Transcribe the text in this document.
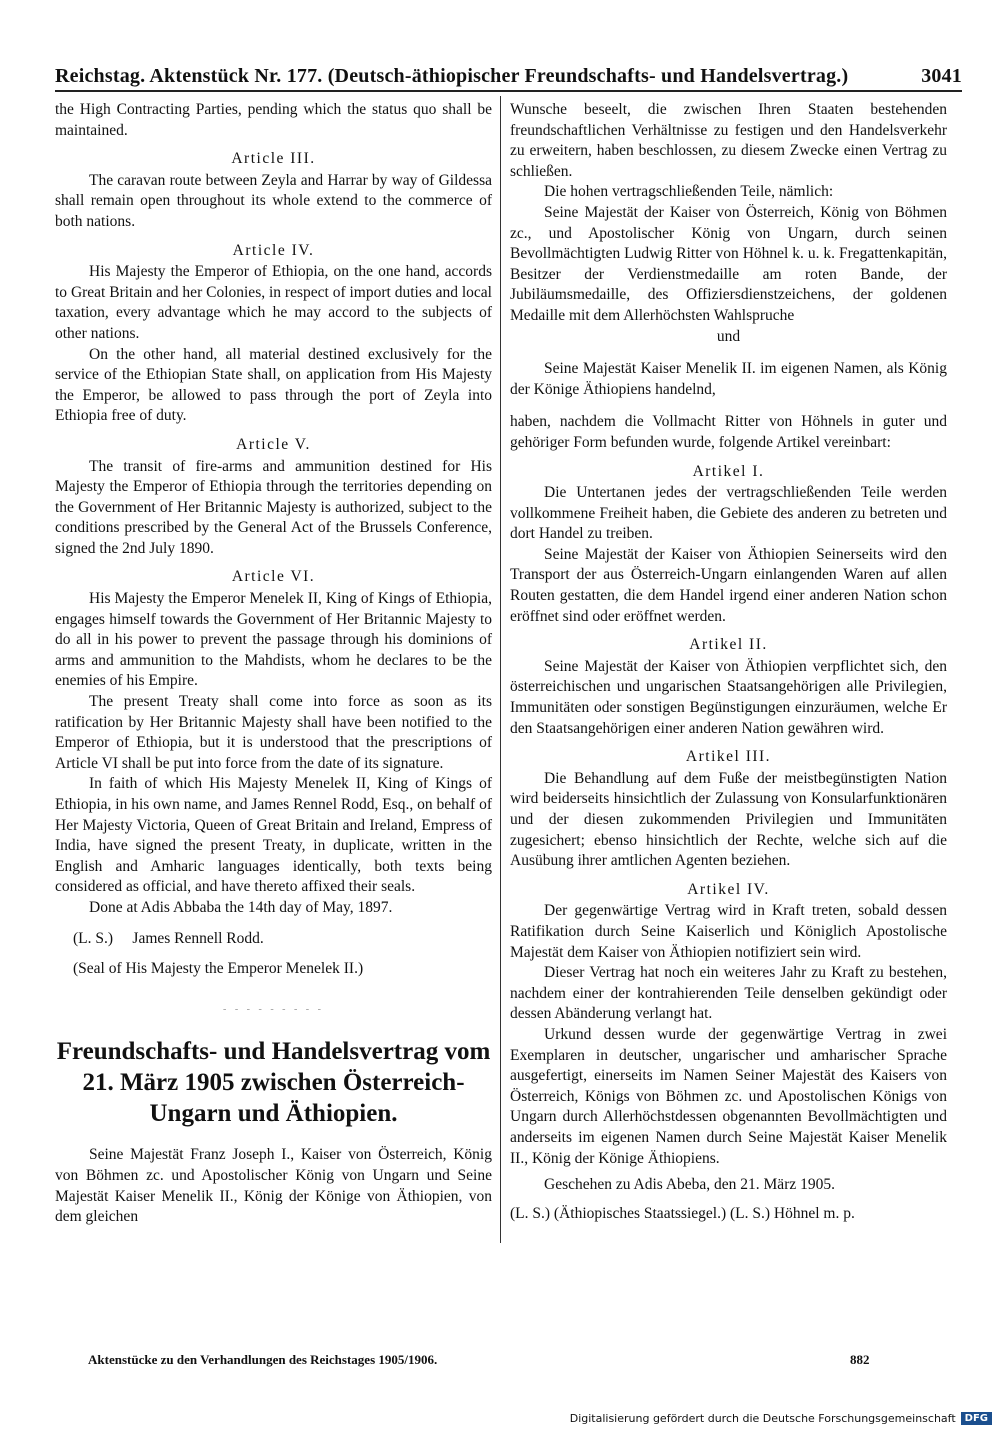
Reichstag. Aktenstück Nr. 177. (Deutsch-äthiopischer Freundschafts- und Handelsvertrag.)	3041

the High Contracting Parties, pending which the status quo shall be maintained.

Article III.

The caravan route between Zeyla and Harrar by way of Gildessa shall remain open throughout its whole extend to the commerce of both nations.

Article IV.

His Majesty the Emperor of Ethiopia, on the one hand, accords to Great Britain and her Colonies, in respect of import duties and local taxation, every advantage which he may accord to the subjects of other nations.

On the other hand, all material destined exclusively for the service of the Ethiopian State shall, on application from His Majesty the Emperor, be allowed to pass through the port of Zeyla into Ethiopia free of duty.

Article V.

The transit of fire-arms and ammunition destined for His Majesty the Emperor of Ethiopia through the territories depending on the Government of Her Britannic Majesty is authorized, subject to the conditions prescribed by the General Act of the Brussels Conference, signed the 2nd July 1890.

Article VI.

His Majesty the Emperor Menelek II, King of Kings of Ethiopia, engages himself towards the Government of Her Britannic Majesty to do all in his power to prevent the passage through his dominions of arms and ammunition to the Mahdists, whom he declares to be the enemies of his Empire.

The present Treaty shall come into force as soon as its ratification by Her Britannic Majesty shall have been notified to the Emperor of Ethiopia, but it is understood that the prescriptions of Article VI shall be put into force from the date of its signature.

In faith of which His Majesty Menelek II, King of Kings of Ethiopia, in his own name, and James Rennel Rodd, Esq., on behalf of Her Majesty Victoria, Queen of Great Britain and Ireland, Empress of India, have signed the present Treaty, in duplicate, written in the English and Amharic languages identically, both texts being considered as official, and have thereto affixed their seals.

Done at Adis Abbaba the 14th day of May, 1897.

(L. S.)     James Rennell Rodd.

(Seal of His Majesty the Emperor Menelek II.)

- - - - - - - - -
Freundschafts- und Handelsvertrag vom 21. März 1905 zwischen Österreich-Ungarn und Äthiopien.

Seine Majestät Franz Joseph I., Kaiser von Österreich, König von Böhmen zc. und Apostolischer König von Ungarn und Seine Majestät Kaiser Menelik II., König der Könige von Äthiopien, von dem gleichen

Wunsche beseelt, die zwischen Ihren Staaten bestehenden freundschaftlichen Verhältnisse zu festigen und den Handelsverkehr zu erweitern, haben beschlossen, zu diesem Zwecke einen Vertrag zu schließen.

Die hohen vertragschließenden Teile, nämlich:

Seine Majestät der Kaiser von Österreich, König von Böhmen zc., und Apostolischer König von Ungarn, durch seinen Bevollmächtigten Ludwig Ritter von Höhnel k. u. k. Fregattenkapitän, Besitzer der Verdienstmedaille am roten Bande, der Jubiläumsmedaille, des Offiziersdienstzeichens, der goldenen Medaille mit dem Allerhöchsten Wahlspruche

und

Seine Majestät Kaiser Menelik II. im eigenen Namen, als König der Könige Äthiopiens handelnd,

haben, nachdem die Vollmacht Ritter von Höhnels in guter und gehöriger Form befunden wurde, folgende Artikel vereinbart:

Artikel I.

Die Untertanen jedes der vertragschließenden Teile werden vollkommene Freiheit haben, die Gebiete des anderen zu betreten und dort Handel zu treiben.

Seine Majestät der Kaiser von Äthiopien Seinerseits wird den Transport der aus Österreich-Ungarn einlangenden Waren auf allen Routen gestatten, die dem Handel irgend einer anderen Nation schon eröffnet sind oder eröffnet werden.

Artikel II.

Seine Majestät der Kaiser von Äthiopien verpflichtet sich, den österreichischen und ungarischen Staatsangehörigen alle Privilegien, Immunitäten oder sonstigen Begünstigungen einzuräumen, welche Er den Staatsangehörigen einer anderen Nation gewähren wird.

Artikel III.

Die Behandlung auf dem Fuße der meistbegünstigten Nation wird beiderseits hinsichtlich der Zulassung von Konsularfunktionären und der diesen zukommenden Privilegien und Immunitäten zugesichert; ebenso hinsichtlich der Rechte, welche sich auf die Ausübung ihrer amtlichen Agenten beziehen.

Artikel IV.

Der gegenwärtige Vertrag wird in Kraft treten, sobald dessen Ratifikation durch Seine Kaiserlich und Königlich Apostolische Majestät dem Kaiser von Äthiopien notifiziert sein wird.

Dieser Vertrag hat noch ein weiteres Jahr zu Kraft zu bestehen, nachdem einer der kontrahierenden Teile denselben gekündigt oder dessen Abänderung verlangt hat.

Urkund dessen wurde der gegenwärtige Vertrag in zwei Exemplaren in deutscher, ungarischer und amharischer Sprache ausgefertigt, einerseits im Namen Seiner Majestät des Kaisers von Österreich, Königs von Böhmen zc. und Apostolischen Königs von Ungarn durch Allerhöchstdessen obgenannten Bevollmächtigten und anderseits im eigenen Namen durch Seine Majestät Kaiser Menelik II., König der Könige Äthiopiens.

Geschehen zu Adis Abeba, den 21. März 1905.

(L. S.) (Äthiopisches Staatssiegel.) (L. S.) Höhnel m. p.

Aktenstücke zu den Verhandlungen des Reichstages 1905/1906.	882
Digitalisierung gefördert durch die Deutsche Forschungsgemeinschaft DFG
